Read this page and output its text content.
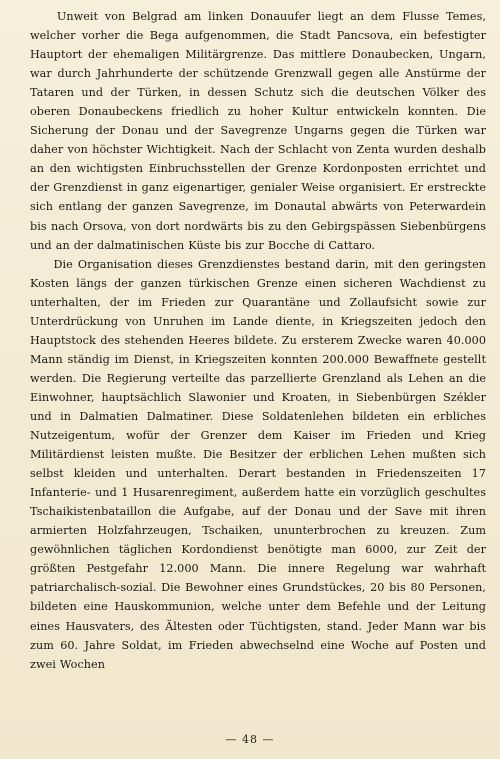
Unweit von Belgrad am linken Donauufer liegt an dem Flusse Temes, welcher vorher die Bega aufgenommen, die Stadt Pancsova, ein befestigter Hauptort der ehemaligen Militärgrenze. Das mittlere Donaubecken, Ungarn, war durch Jahrhunderte der schützende Grenzwall gegen alle Anstürme der Tataren und der Türken, in dessen Schutz sich die deutschen Völker des oberen Donaubeckens friedlich zu hoher Kultur entwickeln konnten. Die Sicherung der Donau und der Savegrenze Ungarns gegen die Türken war daher von höchster Wichtigkeit. Nach der Schlacht von Zenta wurden deshalb an den wichtigsten Einbruchsstellen der Grenze Kordonposten errichtet und der Grenzdienst in ganz eigenartiger, genialer Weise organisiert. Er erstreckte sich entlang der ganzen Savegrenze, im Donautal abwärts von Peterwardein bis nach Orsova, von dort nordwärts bis zu den Gebirgspässen Siebenbürgens und an der dalmatinischen Küste bis zur Bocche di Cattaro.

Die Organisation dieses Grenzdienstes bestand darin, mit den geringsten Kosten längs der ganzen türkischen Grenze einen sicheren Wachdienst zu unterhalten, der im Frieden zur Quarantäne und Zollaufsicht sowie zur Unterdrückung von Unruhen im Lande diente, in Kriegszeiten jedoch den Hauptstock des stehenden Heeres bildete. Zu ersterem Zwecke waren 40.000 Mann ständig im Dienst, in Kriegszeiten konnten 200.000 Bewaffnete gestellt werden. Die Regierung verteilte das parzellierte Grenzland als Lehen an die Einwohner, hauptsächlich Slawonier und Kroaten, in Siebenbürgen Székler und in Dalmatien Dalmatiner. Diese Soldatenlehen bildeten ein erbliches Nutzeigentum, wofür der Grenzer dem Kaiser im Frieden und Krieg Militärdienst leisten mußte. Die Besitzer der erblichen Lehen mußten sich selbst kleiden und unterhalten. Derart bestanden in Friedenszeiten 17 Infanterie- und 1 Husarenregiment, außerdem hatte ein vorzüglich geschultes Tschaikistenbataillon die Aufgabe, auf der Donau und der Save mit ihren armierten Holzfahrzeugen, Tschaiken, ununterbrochen zu kreuzen. Zum gewöhnlichen täglichen Kordondienst benötigte man 6000, zur Zeit der größten Pestgefahr 12.000 Mann. Die innere Regelung war wahrhaft patriarchalisch-sozial. Die Bewohner eines Grundstückes, 20 bis 80 Personen, bildeten eine Hauskommunion, welche unter dem Befehle und der Leitung eines Hausvaters, des Ältesten oder Tüchtigsten, stand. Jeder Mann war bis zum 60. Jahre Soldat, im Frieden abwechselnd eine Woche auf Posten und zwei Wochen

— 48 —
